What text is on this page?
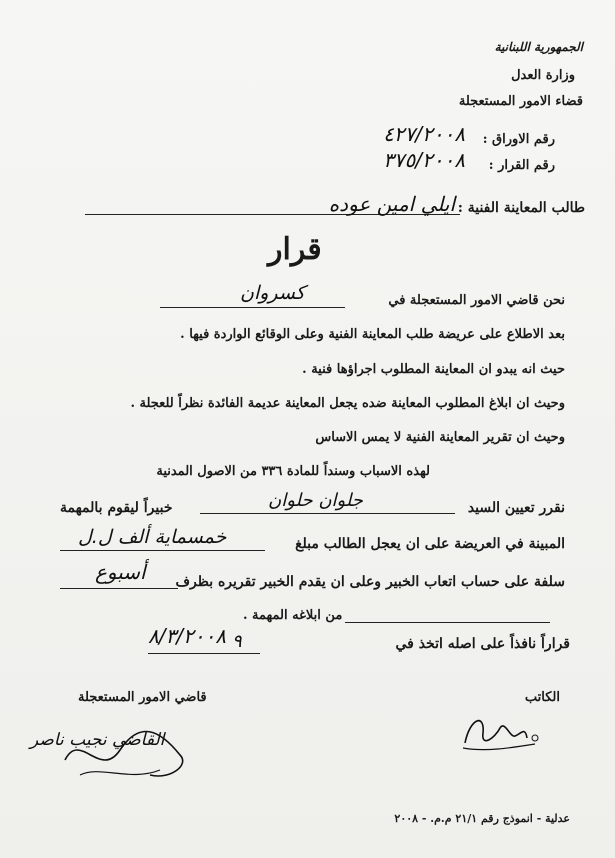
الجمهورية اللبنانية
وزارة العدل
قضاء الامور المستعجلة
رقم الاوراق :
٤٢٧/٢٠٠٨
رقم القرار :
٣٧٥/٢٠٠٨
طالب المعاينة الفنية :
ايلي امين عوده
قرار
نحن قاضي الامور المستعجلة في
كسروان
بعد الاطلاع على عريضة طلب المعاينة الفنية وعلى الوقائع الواردة فيها .
حيث انه يبدو ان المعاينة المطلوب اجراؤها فنية .
وحيث ان ابلاغ المطلوب المعاينة ضده يجعل المعاينة عديمة الفائدة نظراً للعجلة .
وحيث ان تقرير المعاينة الفنية لا يمس الاساس
لهذه الاسباب وسنداً للمادة ٣٣٦ من الاصول المدنية
نقرر تعيين السيد
جلوان حلوان
خبيراً ليقوم بالمهمة
المبينة في العريضة على ان يعجل الطالب مبلغ
خمسماية ألف ل.ل
سلفة على حساب اتعاب الخبير وعلى ان يقدم الخبير تقريره بظرف
أسبوع
من ابلاغه المهمة .
قراراً نافذاً على اصله اتخذ في
٩
٨/٣/٢٠٠٨
الكاتب
قاضي الامور المستعجلة
القاضي نجيب ناصر
عدلية - انموذج رقم ٢١/١ م.م. - ٢٠٠٨
